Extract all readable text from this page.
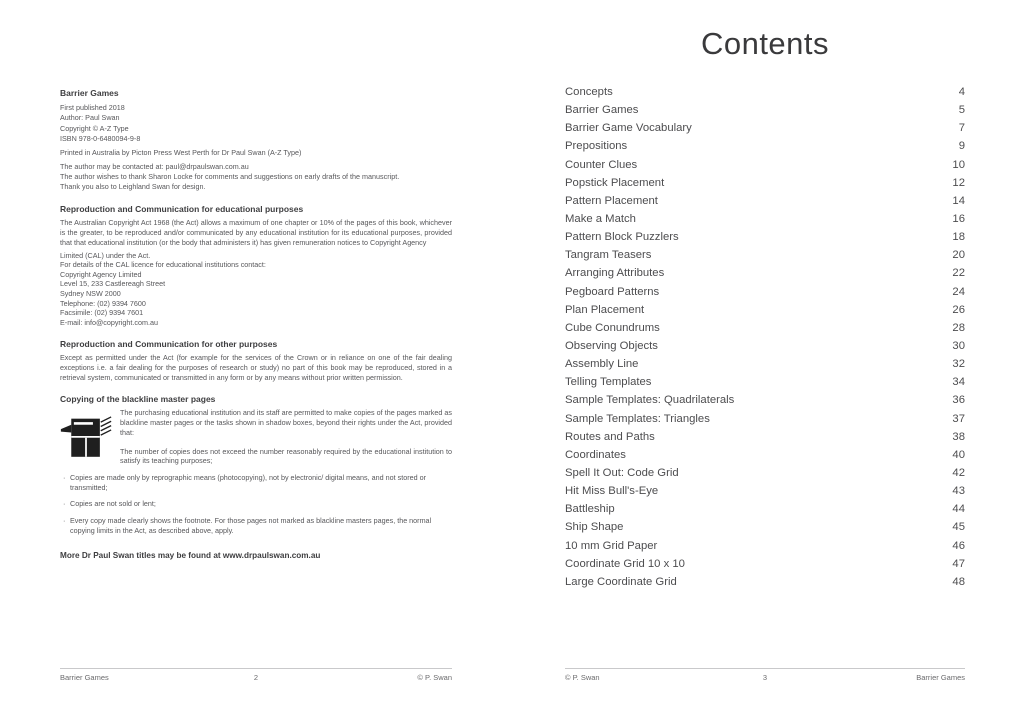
Barrier Games
First published 2018
Author: Paul Swan
Copyright © A-Z Type
ISBN 978-0-6480094-9-8
Printed in Australia by Picton Press West Perth for Dr Paul Swan (A-Z Type)
The author may be contacted at: paul@drpaulswan.com.au
The author wishes to thank Sharon Locke for comments and suggestions on early drafts of the manuscript.
Thank you also to Leighland Swan for design.
Reproduction and Communication for educational purposes
The Australian Copyright Act 1968 (the Act) allows a maximum of one chapter or 10% of the pages of this book, whichever is the greater, to be reproduced and/or communicated by any educational institution for its educational purposes, provided that that educational institution (or the body that administers it) has given remuneration notices to Copyright Agency
Limited (CAL) under the Act.
For details of the CAL licence for educational institutions contact:
Copyright Agency Limited
Level 15, 233 Castlereagh Street
Sydney NSW 2000
Telephone: (02) 9394 7600
Facsimile: (02) 9394 7601
E-mail: info@copyright.com.au
Reproduction and Communication for other purposes
Except as permitted under the Act (for example for the services of the Crown or in reliance on one of the fair dealing exceptions i.e. a fair dealing for the purposes of research or study) no part of this book may be reproduced, stored in a retrieval system, communicated or transmitted in any form or by any means without prior written permission.
Copying of the blackline master pages
The purchasing educational institution and its staff are permitted to make copies of the pages marked as blackline master pages or the tasks shown in shadow boxes, beyond their rights under the Act, provided that:
The number of copies does not exceed the number reasonably required by the educational institution to satisfy its teaching purposes;
· Copies are made only by reprographic means (photocopying), not by electronic/ digital means, and not stored or transmitted;
· Copies are not sold or lent;
· Every copy made clearly shows the footnote. For those pages not marked as blackline masters pages, the normal copying limits in the Act, as described above, apply.
More Dr Paul Swan titles may be found at www.drpaulswan.com.au
2
Barrier Games	© P. Swan
Contents
Concepts	4
Barrier Games	5
Barrier Game Vocabulary	7
Prepositions	9
Counter Clues	10
Popstick Placement	12
Pattern Placement	14
Make a Match	16
Pattern Block Puzzlers	18
Tangram Teasers	20
Arranging Attributes	22
Pegboard Patterns	24
Plan Placement	26
Cube Conundrums	28
Observing Objects	30
Assembly Line	32
Telling Templates	34
Sample Templates: Quadrilaterals	36
Sample Templates: Triangles	37
Routes and Paths	38
Coordinates	40
Spell It Out: Code Grid	42
Hit Miss Bull's-Eye	43
Battleship	44
Ship Shape	45
10 mm Grid Paper	46
Coordinate Grid 10 x 10	47
Large Coordinate Grid	48
3
© P. Swan	Barrier Games
